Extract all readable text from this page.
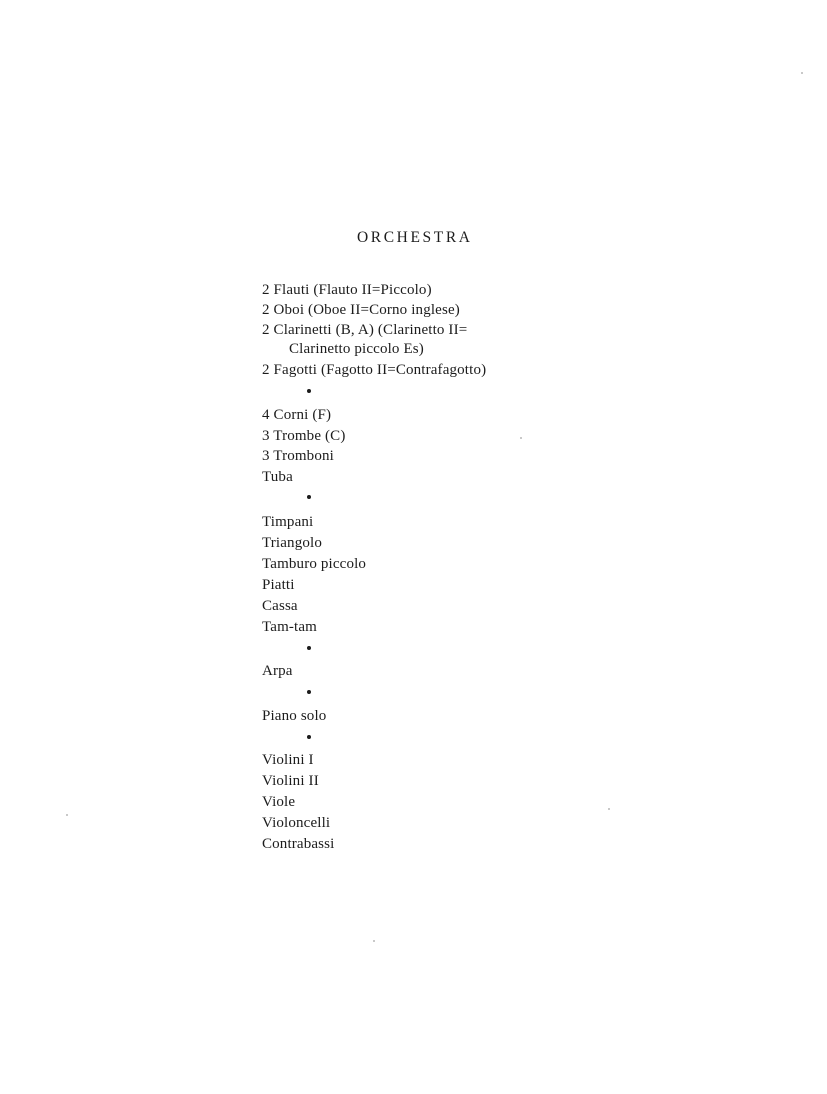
ORCHESTRA
2 Flauti (Flauto II=Piccolo)
2 Oboi (Oboe II=Corno inglese)
2 Clarinetti (B, A) (Clarinetto II=
Clarinetto piccolo Es)
2 Fagotti (Fagotto II=Contrafagotto)
4 Corni (F)
3 Trombe (C)
3 Tromboni
Tuba
Timpani
Triangolo
Tamburo piccolo
Piatti
Cassa
Tam-tam
Arpa
Piano solo
Violini I
Violini II
Viole
Violoncelli
Contrabassi
